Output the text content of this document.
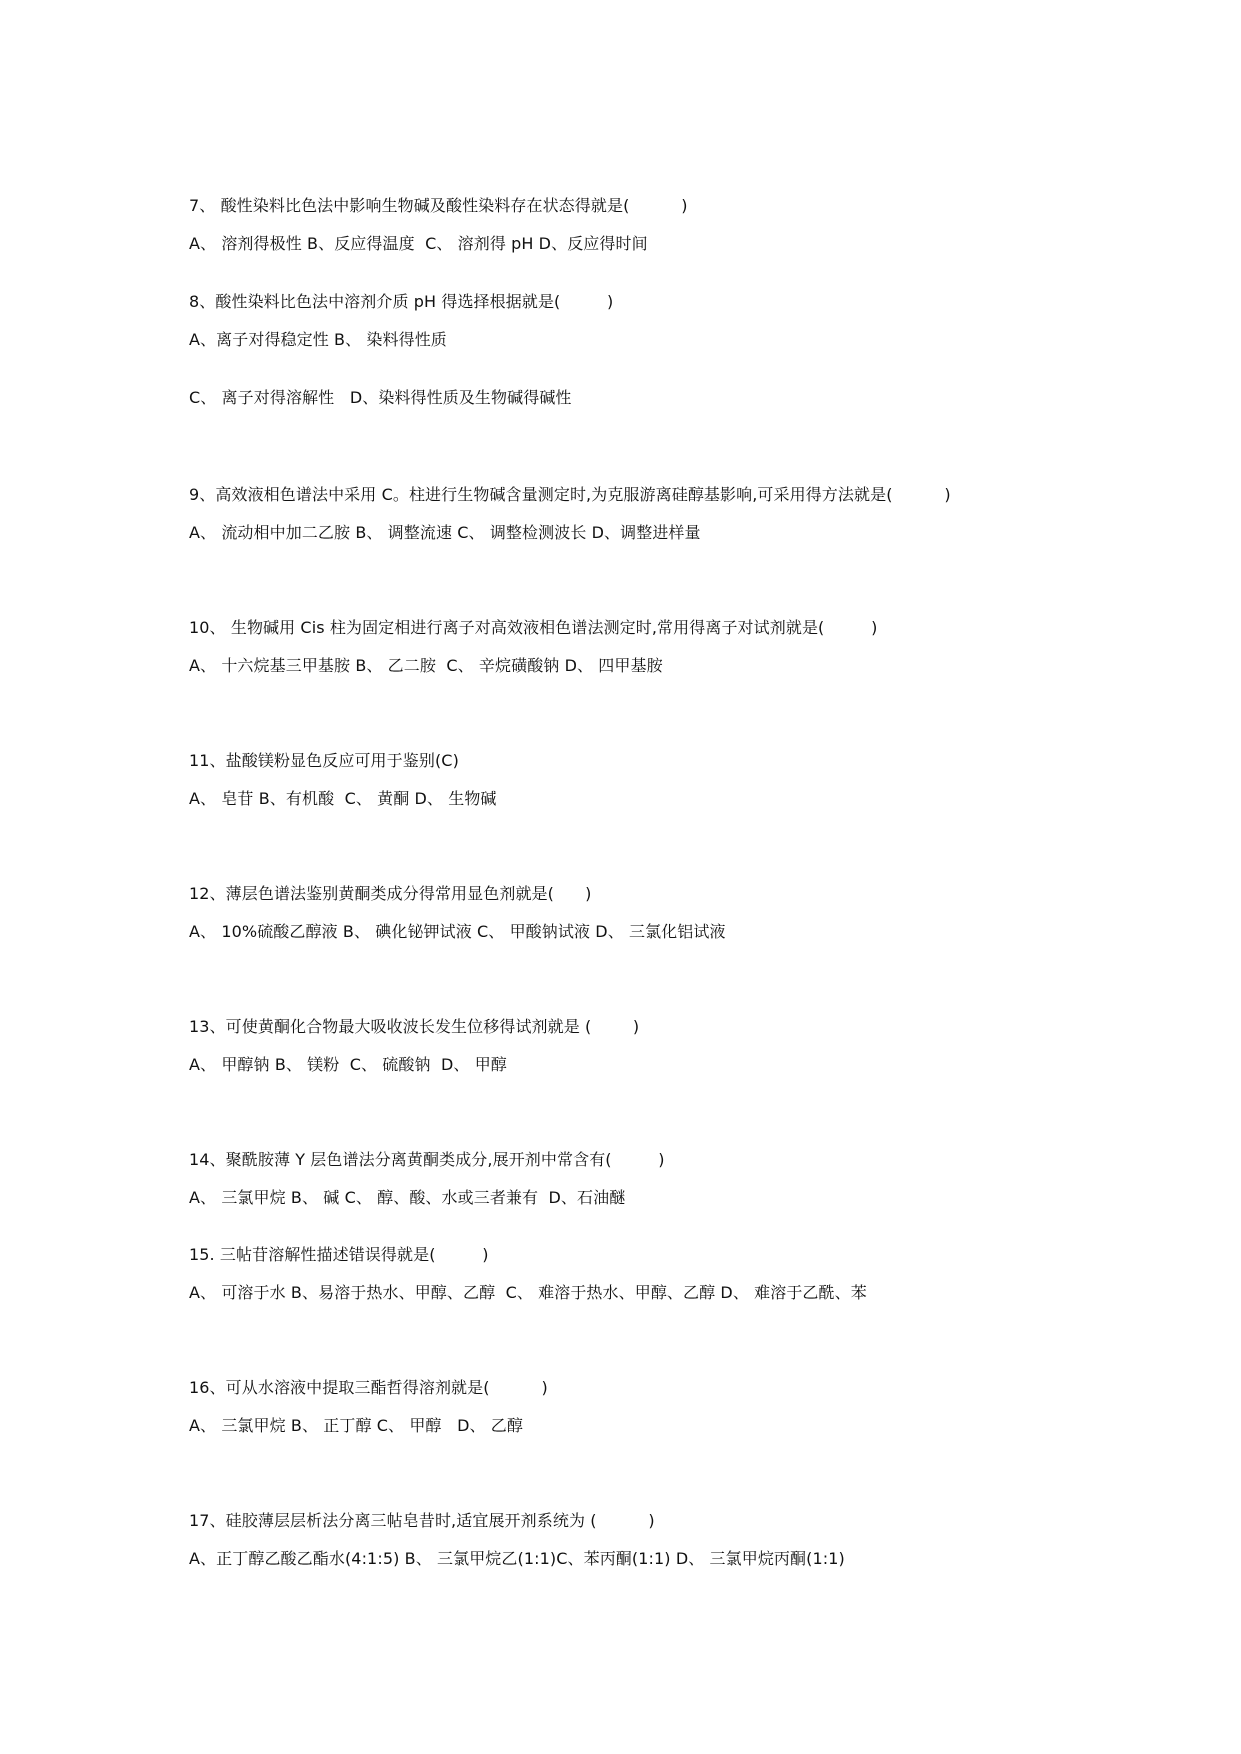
7、 酸性染料比色法中影响生物碱及酸性染料存在状态得就是(          )
A、 溶剂得极性 B、反应得温度  C、 溶剂得 pH D、反应得时间
8、酸性染料比色法中溶剂介质 pH 得选择根据就是(         )
A、离子对得稳定性 B、 染料得性质
C、 离子对得溶解性   D、染料得性质及生物碱得碱性
9、高效液相色谱法中采用 C。柱进行生物碱含量测定时,为克服游离硅醇基影响,可采用得方法就是(          )
A、 流动相中加二乙胺 B、 调整流速 C、 调整检测波长 D、调整进样量
10、 生物碱用 Cis 柱为固定相进行离子对高效液相色谱法测定时,常用得离子对试剂就是(         )
A、 十六烷基三甲基胺 B、 乙二胺  C、 辛烷磺酸钠 D、 四甲基胺
11、盐酸镁粉显色反应可用于鉴别(C)
A、 皂苷 B、有机酸  C、 黄酮 D、 生物碱
12、薄层色谱法鉴别黄酮类成分得常用显色剂就是(      )
A、 10%硫酸乙醇液 B、 碘化铋钾试液 C、 甲酸钠试液 D、 三氯化铝试液
13、可使黄酮化合物最大吸收波长发生位移得试剂就是 (        )
A、 甲醇钠 B、 镁粉  C、 硫酸钠  D、 甲醇
14、聚酰胺薄 Y 层色谱法分离黄酮类成分,展开剂中常含有(         )
A、 三氯甲烷 B、 碱 C、 醇、酸、水或三者兼有  D、石油醚
15. 三帖苷溶解性描述错误得就是(         )
A、 可溶于水 B、易溶于热水、甲醇、乙醇  C、 难溶于热水、甲醇、乙醇 D、 难溶于乙酰、苯
16、可从水溶液中提取三酯哲得溶剂就是(          )
A、 三氯甲烷 B、 正丁醇 C、 甲醇   D、 乙醇
17、硅胶薄层层析法分离三帖皂昔时,适宜展开剂系统为 (          )
A、正丁醇乙酸乙酯水(4:1:5) B、 三氯甲烷乙(1:1)C、苯丙酮(1:1) D、 三氯甲烷丙酮(1:1)
